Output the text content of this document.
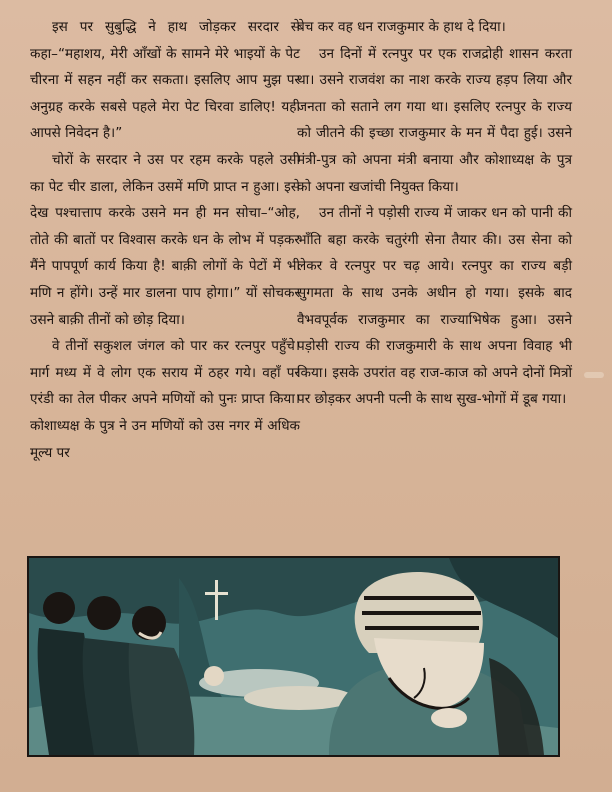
इस पर सुबुद्धि ने हाथ जोड़कर सरदार से कहा–“महाशय, मेरी आँखों के सामने मेरे भाइयों के पेट चीरना में सहन नहीं कर सकता। इसलिए आप मुझ पर अनुग्रह करके सबसे पहले मेरा पेट चिरवा डालिए! यही आपसे निवेदन है।”

चोरों के सरदार ने उस पर रहम करके पहले उसी का पेट चीर डाला, लेकिन उसमें मणि प्राप्त न हुआ। इसे देख पश्चात्ताप करके उसने मन ही मन सोचा–“ओह, तोते की बातों पर विश्वास करके धन के लोभ में पड़कर मैंने पापपूर्ण कार्य किया है! बाक़ी लोगों के पेटों में भी मणि न होंगे। उन्हें मार डालना पाप होगा।” यों सोचकर उसने बाक़ी तीनों को छोड़ दिया।

वे तीनों सकुशल जंगल को पार कर रत्नपुर पहुँचे। मार्ग मध्य में वे लोग एक सराय में ठहर गये। वहाँ पर एरंडी का तेल पीकर अपने मणियों को पुनः प्राप्त किया। कोशाध्यक्ष के पुत्र ने उन मणियों को उस नगर में अधिक मूल्य पर

बेच कर वह धन राजकुमार के हाथ दे दिया।

उन दिनों में रत्नपुर पर एक राजद्रोही शासन करता था। उसने राजवंश का नाश करके राज्य हड़प लिया और जनता को सताने लग गया था। इसलिए रत्नपुर के राज्य को जीतने की इच्छा राजकुमार के मन में पैदा हुई। उसने मंत्री-पुत्र को अपना मंत्री बनाया और कोशाध्यक्ष के पुत्र को अपना खजांची नियुक्त किया।

उन तीनों ने पड़ोसी राज्य में जाकर धन को पानी की भाँति बहा करके चतुरंगी सेना तैयार की। उस सेना को लेकर वे रत्नपुर पर चढ़ आये। रत्नपुर का राज्य बड़ी सुगमता के साथ उनके अधीन हो गया। इसके बाद वैभवपूर्वक राजकुमार का राज्याभिषेक हुआ। उसने पड़ोसी राज्य की राजकुमारी के साथ अपना विवाह भी किया। इसके उपरांत वह राज-काज को अपने दोनों मित्रों पर छोड़कर अपनी पत्नी के साथ सुख-भोगों में डूब गया।
